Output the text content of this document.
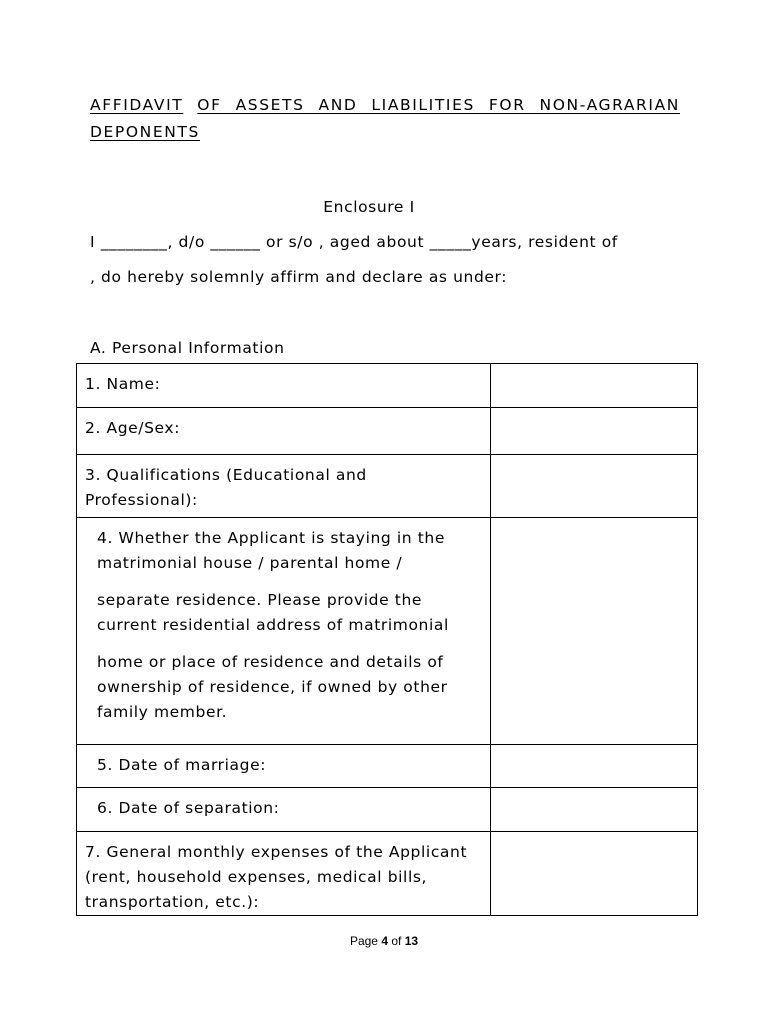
AFFIDAVIT OF ASSETS AND LIABILITIES FOR NON-AGRARIAN
DEPONENTS
Enclosure I
I ________, d/o ______ or s/o , aged about _____years, resident of
, do hereby solemnly affirm and declare as under:
A. Personal Information
1. Name:	

2. Age/Sex:	

3. Qualifications (Educational and Professional):	

4. Whether the Applicant is staying in the matrimonial house / parental home /
separate residence. Please provide the current residential address of matrimonial
home or place of residence and details of ownership of residence, if owned by other family member.	

5. Date of marriage:	

6. Date of separation:	

7. General monthly expenses of the Applicant (rent, household expenses, medical bills, transportation, etc.):	

Page 4 of 13
